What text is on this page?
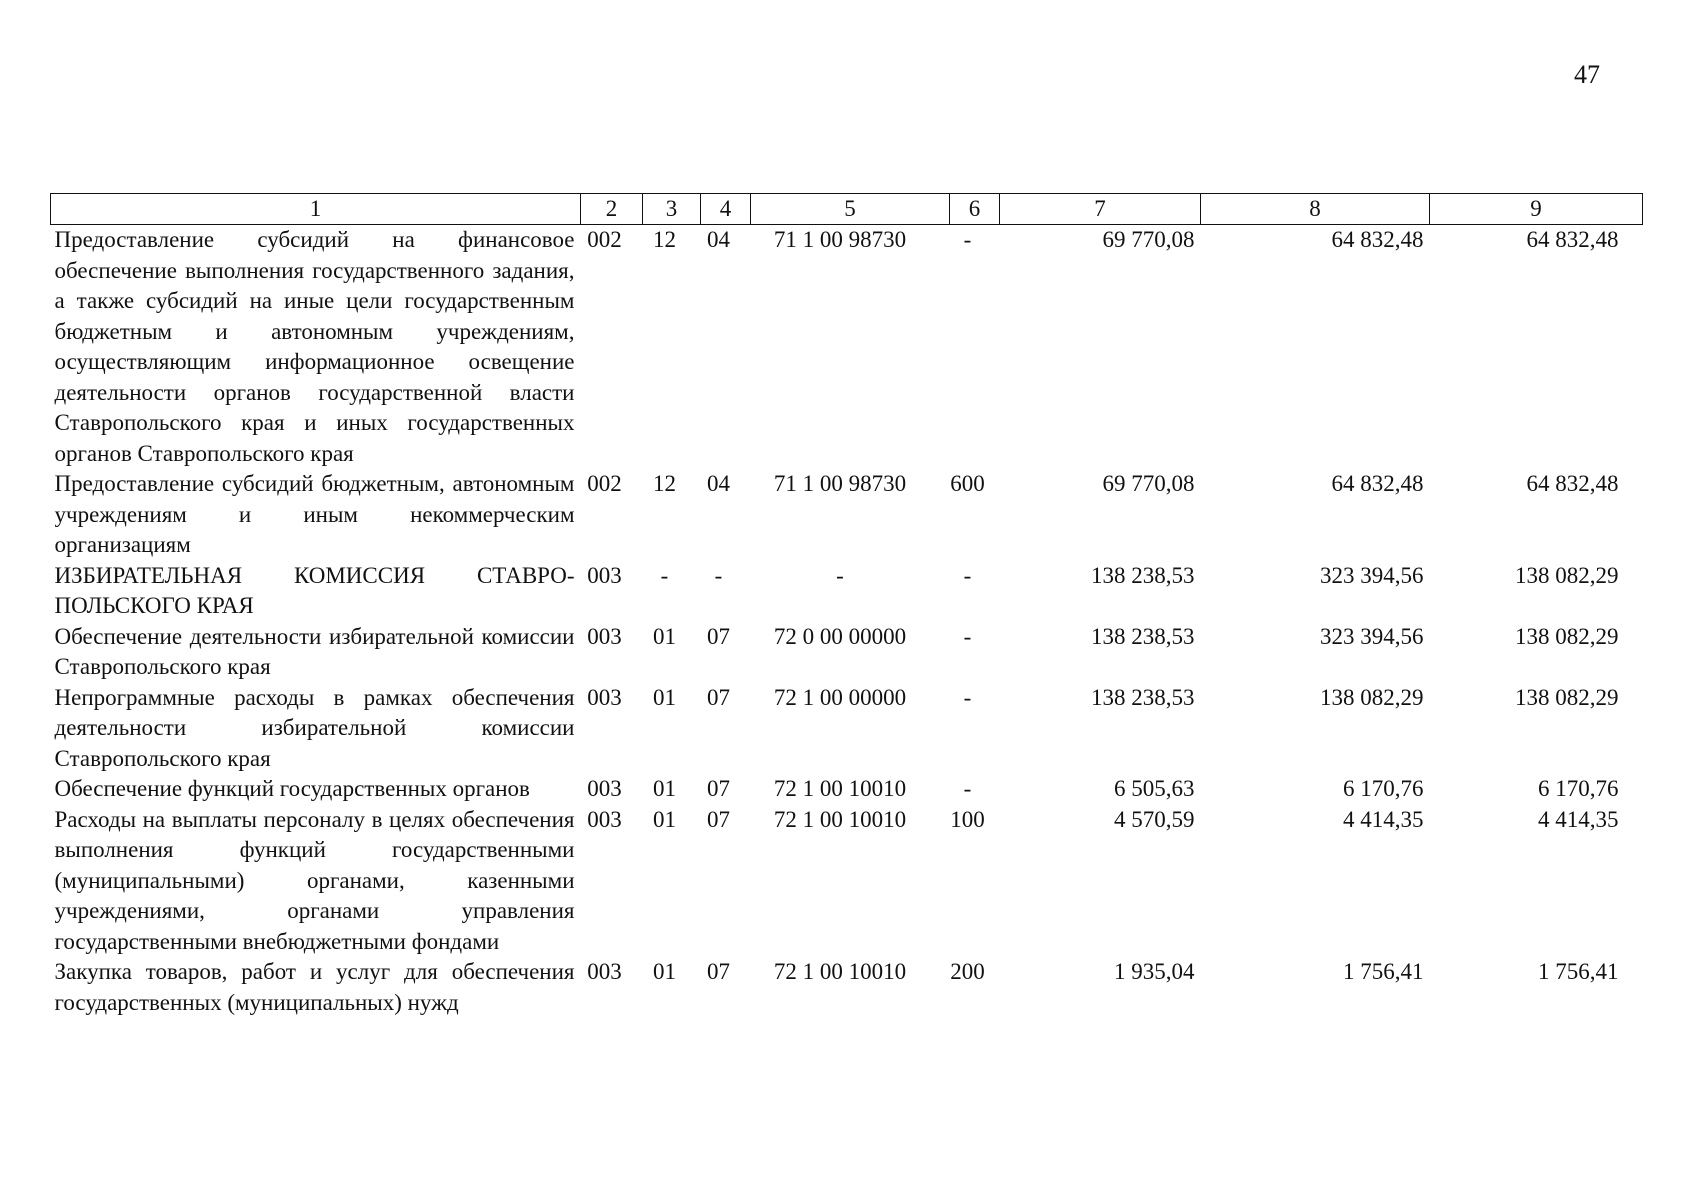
47
1	2	3	4	5	6	7	8	9
Предоставление субсидий на финансовое обеспечение выполнения государственного задания, а также субсидий на иные цели государственным бюджетным и автономным учреждениям, осуществляющим информационное освещение деятельности органов государственной власти Ставропольского края и иных государственных органов Ставропольского края	002	12	04	71 1 00 98730	-	69 770,08	64 832,48	64 832,48
Предоставление субсидий бюджетным, автономным учреждениям и иным некоммерческим организациям	002	12	04	71 1 00 98730	600	69 770,08	64 832,48	64 832,48
ИЗБИРАТЕЛЬНАЯ КОМИССИЯ СТАВРО-ПОЛЬСКОГО КРАЯ	003	-	-	-	-	138 238,53	323 394,56	138 082,29
Обеспечение деятельности избирательной комиссии Ставропольского края	003	01	07	72 0 00 00000	-	138 238,53	323 394,56	138 082,29
Непрограммные расходы в рамках обеспечения деятельности избирательной комиссии Ставропольского края	003	01	07	72 1 00 00000	-	138 238,53	138 082,29	138 082,29
Обеспечение функций государственных органов	003	01	07	72 1 00 10010	-	6 505,63	6 170,76	6 170,76
Расходы на выплаты персоналу в целях обеспечения выполнения функций государственными (муниципальными) органами, казенными учреждениями, органами управления государственными внебюджетными фондами	003	01	07	72 1 00 10010	100	4 570,59	4 414,35	4 414,35
Закупка товаров, работ и услуг для обеспечения государственных (муниципальных) нужд	003	01	07	72 1 00 10010	200	1 935,04	1 756,41	1 756,41
